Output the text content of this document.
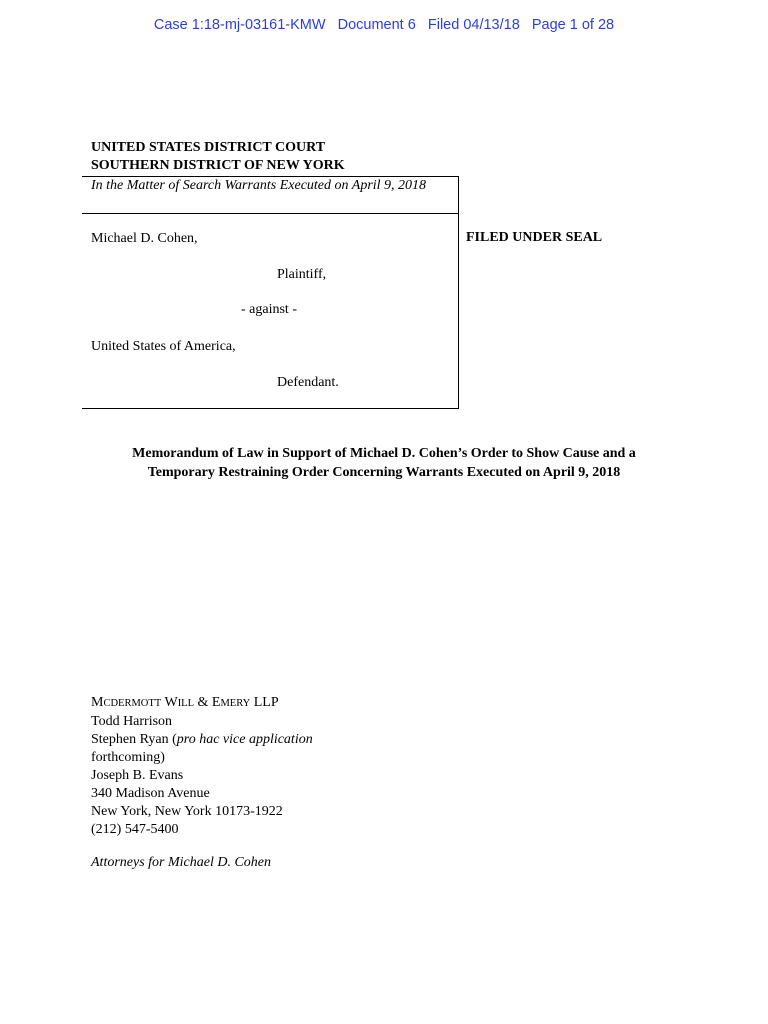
Case 1:18-mj-03161-KMW   Document 6   Filed 04/13/18   Page 1 of 28
UNITED STATES DISTRICT COURT
SOUTHERN DISTRICT OF NEW YORK
In the Matter of Search Warrants Executed on April 9, 2018
Michael D. Cohen,
Plaintiff,
- against -
United States of America,
Defendant.
FILED UNDER SEAL
Memorandum of Law in Support of Michael D. Cohen’s Order to Show Cause and a
Temporary Restraining Order Concerning Warrants Executed on April 9, 2018
MCDERMOTT WILL & EMERY LLP
Todd Harrison
Stephen Ryan (pro hac vice application
forthcoming)
Joseph B. Evans
340 Madison Avenue
New York, New York 10173-1922
(212) 547-5400
Attorneys for Michael D. Cohen
